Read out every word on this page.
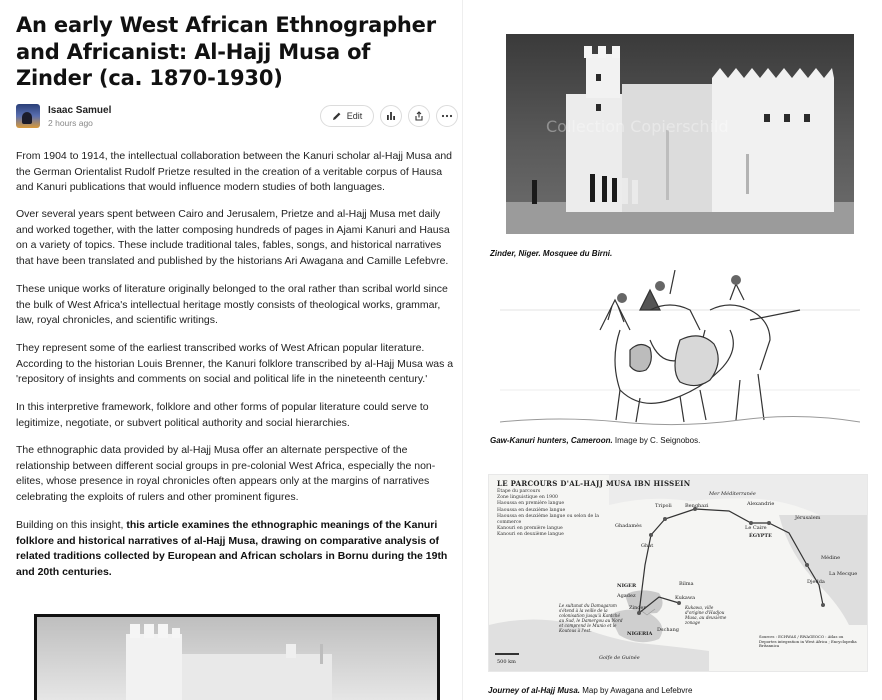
An early West African Ethnographer and Africanist: Al-Hajj Musa of Zinder (ca. 1870-1930)
Isaac Samuel
2 hours ago
Edit

From 1904 to 1914, the intellectual collaboration between the Kanuri scholar al-Hajj Musa and the German Orientalist Rudolf Prietze resulted in the creation of a veritable corpus of Hausa and Kanuri publications that would influence modern studies of both languages.

Over several years spent between Cairo and Jerusalem, Prietze and al-Hajj Musa met daily and worked together, with the latter composing hundreds of pages in Ajami Kanuri and Hausa on a variety of topics. These include traditional tales, fables, songs, and historical narratives that have been translated and published by the historians Ari Awagana and Camille Lefebvre.

These unique works of literature originally belonged to the oral rather than scribal world since the bulk of West Africa's intellectual heritage mostly consists of theological works, grammar, law, royal chronicles, and scientific writings.

They represent some of the earliest transcribed works of West African popular literature. According to the historian Louis Brenner, the Kanuri folklore transcribed by al-Hajj Musa was a 'repository of insights and comments on social and political life in the nineteenth century.'

In this interpretive framework, folklore and other forms of popular literature could serve to legitimize, negotiate, or subvert political authority and social hierarchies.

The ethnographic data provided by al-Hajj Musa offer an alternate perspective of the relationship between different social groups in pre-colonial West Africa, especially the non-elites, whose presence in royal chronicles often appears only at the margins of narratives celebrating the exploits of rulers and other prominent figures.

Building on this insight, this article examines the ethnographic meanings of the Kanuri folklore and historical narratives of al-Hajj Musa, drawing on comparative analysis of related traditions collected by European and African scholars in Bornu during the 19th and 20th centuries.

Collection Copierschild
Zinder, Niger. Mosquee du Birni.
Gaw-Kanuri hunters, Cameroon. Image by C. Seignobos.
LE PARCOURS D'AL-HAJJ MUSA IBN HISSEIN
Étape du parcours
Zone linguistique en 1900
Haoussa en première langue
Haoussa en deuxième langue
Haoussa en deuxième langue ou selon de la commerce
Kanouri en première langue
Kanouri en deuxième langue
Mer Méditerranée
Tripoli	Benghazi	Alexandrie
Le Caire
Jérusalem
ÉGYPTE
Ghadamès
Ghat
Médine
La Mecque
Djedda
Bilma
NIGER
Agadez
Zinder
Kukawa
NIGERIA
Dschang
Golfe de Guinée
Le sultanat du Damagaram s'étend à la veille de la colonisation jusqu'à Kantché au Sud, le Damergou au Nord et comprend le Munio et le Koutous à l'est.
Kukawa, ville d'origine d'Hadjou Musa, au deuxième zonage
Sources : ECHWAS / RWAGEOCO : Atlas ou Deportes integration in West Africa ; Encyclopedia Britannica
500 km
Journey of al-Hajj Musa. Map by Awagana and Lefebvre
